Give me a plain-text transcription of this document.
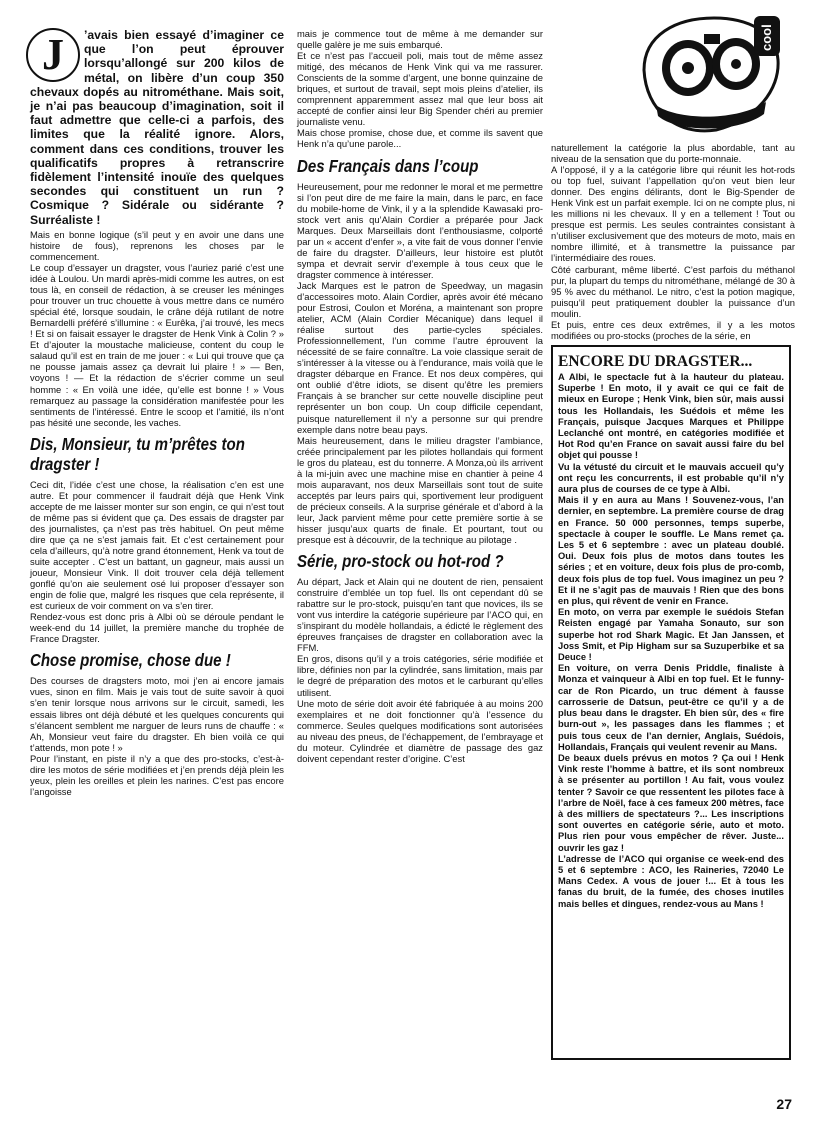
cool
J ’avais bien essayé d’imaginer ce que l’on peut éprouver lorsqu’allongé sur 200 kilos de métal, on libère d’un coup 350 chevaux dopés au nitrométhane. Mais soit, je n’ai pas beaucoup d’imagination, soit il faut admettre que celle-ci a parfois, des limites que la réalité ignore. Alors, comment dans ces conditions, trouver les qualificatifs propres à retranscrire fidèlement l’intensité inouïe des quelques secondes qui constituent un run ? Cosmique ? Sidérale ou sidérante ? Surréaliste !

Mais en bonne logique (s’il peut y en avoir une dans une histoire de fous), reprenons les choses par le commencement.

Le coup d’essayer un dragster, vous l’auriez parié c’est une idée à Loulou. Un mardi après-midi comme les autres, on est tous là, en conseil de rédaction, à se creuser les méninges pour trouver un truc chouette à vous mettre dans ce numéro spécial été, lorsque soudain, le crâne déjà rutilant de notre Bernardelli préféré s’illumine : « Eurêka, j’ai trouvé, les mecs ! Et si on faisait essayer le dragster de Henk Vink à Colin ? » Et d’ajouter la moustache malicieuse, content du coup le salaud qu’il est en train de me jouer : « Lui qui trouve que ça ne pousse jamais assez ça devrait lui plaire ! » — Ben, voyons ! — Et la rédaction de s’écrier comme un seul homme : « En voilà une idée, qu’elle est bonne ! » Vous remarquez au passage la considération manifestée pour les sentiments de l’intéressé. Entre le scoop et l’amitié, ils n’ont pas hésité une seconde, les vaches.

Dis, Monsieur, tu m’prêtes ton dragster !

Ceci dit, l’idée c’est une chose, la réalisation c’en est une autre. Et pour commencer il faudrait déjà que Henk Vink accepte de me laisser monter sur son engin, ce qui n’est tout de même pas si évident que ça. Des essais de dragster par des journalistes, ça n’est pas très habituel. On peut même dire que ça ne s’est jamais fait. Et c’est certainement pour cela d’ailleurs, qu’à notre grand étonnement, Henk va tout de suite accepter . C’est un battant, un gagneur, mais aussi un joueur, Monsieur Vink. Il doit trouver cela déjà tellement gonflé qu’on aie seulement osé lui proposer d’essayer son engin de folie que, malgré les risques que cela représente, il est curieux de voir comment on va s’en tirer.

Rendez-vous est donc pris à Albi où se déroule pendant le week-end du 14 juillet, la première manche du trophée de France Dragster.

Chose promise, chose due !

Des courses de dragsters moto, moi j’en ai encore jamais vues, sinon en film. Mais je vais tout de suite savoir à quoi s’en tenir lorsque nous arrivons sur le circuit, samedi, les essais libres ont déjà débuté et les quelques concurents qui s’élancent semblent me narguer de leurs runs de chauffe : « Ah, Monsieur veut faire du dragster. Eh bien voilà ce qui t’attends, mon pote ! »

Pour l’instant, en piste il n’y a que des pro-stocks, c’est-à-dire les motos de série modifiées et j’en prends déjà plein les yeux, plein les oreilles et plein les narines. C’est pas encore l’angoisse

mais je commence tout de même à me demander sur quelle galère je me suis embarqué.

Et ce n’est pas l’accueil poli, mais tout de même assez mitigé, des mécanos de Henk Vink qui va me rassurer. Conscients de la somme d’argent, une bonne quinzaine de briques, et surtout de travail, sept mois pleins d’atelier, ils comprennent apparemment assez mal que leur boss ait accepté de confier ainsi leur Big Spender chéri au premier journaliste venu.

Mais chose promise, chose due, et comme ils savent que Henk n’a qu’une parole...

Des Français dans l’coup

Heureusement, pour me redonner le moral et me permettre si l’on peut dire de me faire la main, dans le parc, en face du mobile-home de Vink, il y a la splendide Kawasaki pro-stock vert anis qu’Alain Cordier a préparée pour Jack Marques. Deux Marseillais dont l’enthousiasme, colporté par un « accent d’enfer », a vite fait de vous donner l’envie de faire du dragster. D’ailleurs, leur histoire est plutôt sympa et devrait servir d’exemple à tous ceux que le dragster commence à intéresser.

Jack Marques est le patron de Speedway, un magasin d’accessoires moto. Alain Cordier, après avoir été mécano pour Estrosi, Coulon et Moréna, a maintenant son propre atelier, ACM (Alain Cordier Mécanique) dans lequel il réalise surtout des partie-cycles spéciales. Professionnellement, l’un comme l’autre éprouvent la nécessité de se faire connaître. La voie classique serait de s’intéresser à la vitesse ou à l’endurance, mais voilà que le dragster débarque en France. Et nos deux compères, qui ont oublié d’être idiots, se disent qu’être les premiers Français à se brancher sur cette nouvelle discipline peut représenter un bon coup. Un coup difficile cependant, puisque naturellement il n’y a personne sur qui prendre exemple dans notre beau pays.

Mais heureusement, dans le milieu dragster l’ambiance, créée principalement par les pilotes hollandais qui forment le gros du plateau, est du tonnerre. A Monza,où ils arrivent à la mi-juin avec une machine mise en chantier à peine 4 mois auparavant, nos deux Marseillais sont tout de suite acceptés par leurs pairs qui, sportivement leur prodiguent de précieux conseils. A la surprise générale et d’abord à la leur, Jack parvient même pour cette première sortie à se hisser jusqu’aux quarts de finale. Et pourtant, tout ou presque est à découvrir, de la technique au pilotage .

Série, pro-stock ou hot-rod ?

Au départ, Jack et Alain qui ne doutent de rien, pensaient construire d’emblée un top fuel. Ils ont cependant dû se rabattre sur le pro-stock, puisqu’en tant que novices, ils se vont vus interdire la catégorie supérieure par l’ACO qui, en s’inspirant du modèle hollandais, a édicté le règlement des épreuves françaises de dragster en collaboration avec la FFM.

En gros, disons qu’il y a trois catégories, série modifiée et libre, définies non par la cylindrée, sans limitation, mais par le degré de préparation des motos et le carburant qu’elles utilisent.

Une moto de série doit avoir été fabriquée à au moins 200 exemplaires et ne doit fonctionner qu’à l’essence du commerce. Seules quelques modifications sont autorisées au niveau des pneus, de l’échappement, de l’embrayage et du moteur. Cylindrée et diamètre de passage des gaz doivent cependant rester d’origine. C’est

naturellement la catégorie la plus abordable, tant au niveau de la sensation que du porte-monnaie.

A l’opposé, il y a la catégorie libre qui réunit les hot-rods ou top fuel, suivant l’appellation qu’on veut bien leur donner. Des engins délirants, dont le Big-Spender de Henk Vink est un parfait exemple. Ici on ne compte plus, ni les millions ni les chevaux. Il y en a tellement ! Tout ou presque est permis. Les seules contraintes consistant à n’utiliser exclusivement que des moteurs de moto, mais en nombre illimité, et à transmettre la puissance par l’intermédiaire des roues.

Côté carburant, même liberté. C’est parfois du méthanol pur, la plupart du temps du nitrométhane, mélangé de 30 à 95 % avec du méthanol. Le nitro, c’est la potion magique, puisqu’il peut pratiquement doubler la puissance d’un moulin.

Et puis, entre ces deux extrêmes, il y a les motos modifiées ou pro-stocks (proches de la série, en

ENCORE DU DRAGSTER...

A Albi, le spectacle fut à la hauteur du plateau. Superbe ! En moto, il y avait ce qui ce fait de mieux en Europe ; Henk Vink, bien sûr, mais aussi tous les Hollandais, les Suédois et même les Français, puisque Jacques Marques et Philippe Leclanché ont montré, en catégories modifiée et Hot Rod qu’en France on savait aussi faire du bel objet qui pousse !

Vu la vétusté du circuit et le mauvais accueil qu’y ont reçu les concurrents, il est probable qu’il n’y aura plus de courses de ce type à Albi.

Mais il y en aura au Mans ! Souvenez-vous, l’an dernier, en septembre. La première course de drag en France. 50 000 personnes, temps superbe, spectacle à couper le souffle. Le Mans remet ça. Les 5 et 6 septembre : avec un plateau doublé. Oui. Deux fois plus de motos dans toutes les séries ; et en voiture, deux fois plus de pro-comb, deux fois plus de top fuel. Vous imaginez un peu ? Et il ne s’agit pas de mauvais ! Rien que des bons en plus, qui rêvent de venir en France.

En moto, on verra par exemple le suédois Stefan Reisten engagé par Yamaha Sonauto, sur son superbe hot rod Shark Magic. Et Jan Janssen, et Joss Smit, et Pip Higham sur sa Suzuperbike et sa Deuce !

En voiture, on verra Denis Priddle, finaliste à Monza et vainqueur à Albi en top fuel. Et le funny-car de Ron Picardo, un truc dément à fausse carrosserie de Datsun, peut-être ce qu’il y a de plus beau dans le dragster. Eh bien sûr, des « fire burn-out », les passages dans les flammes ; et puis tous ceux de l’an dernier, Anglais, Suédois, Hollandais, Français qui veulent revenir au Mans.

De beaux duels prévus en motos ? Ça oui ! Henk Vink reste l’homme à battre, et ils sont nombreux à se présenter au portillon ! Au fait, vous voulez tenter ? Savoir ce que ressentent les pilotes face à l’arbre de Noël, face à ces fameux 200 mètres, face à des milliers de spectateurs ?... Les inscriptions sont ouvertes en catégorie série, auto et moto. Plus rien pour vous empêcher de rêver. Juste... ouvrir les gaz !

L’adresse de l’ACO qui organise ce week-end des 5 et 6 septembre : ACO, les Raineries, 72040 Le Mans Cedex. A vous de jouer !... Et à tous les fanas du bruit, de la fumée, des choses inutiles mais belles et dingues, rendez-vous au Mans !

27
